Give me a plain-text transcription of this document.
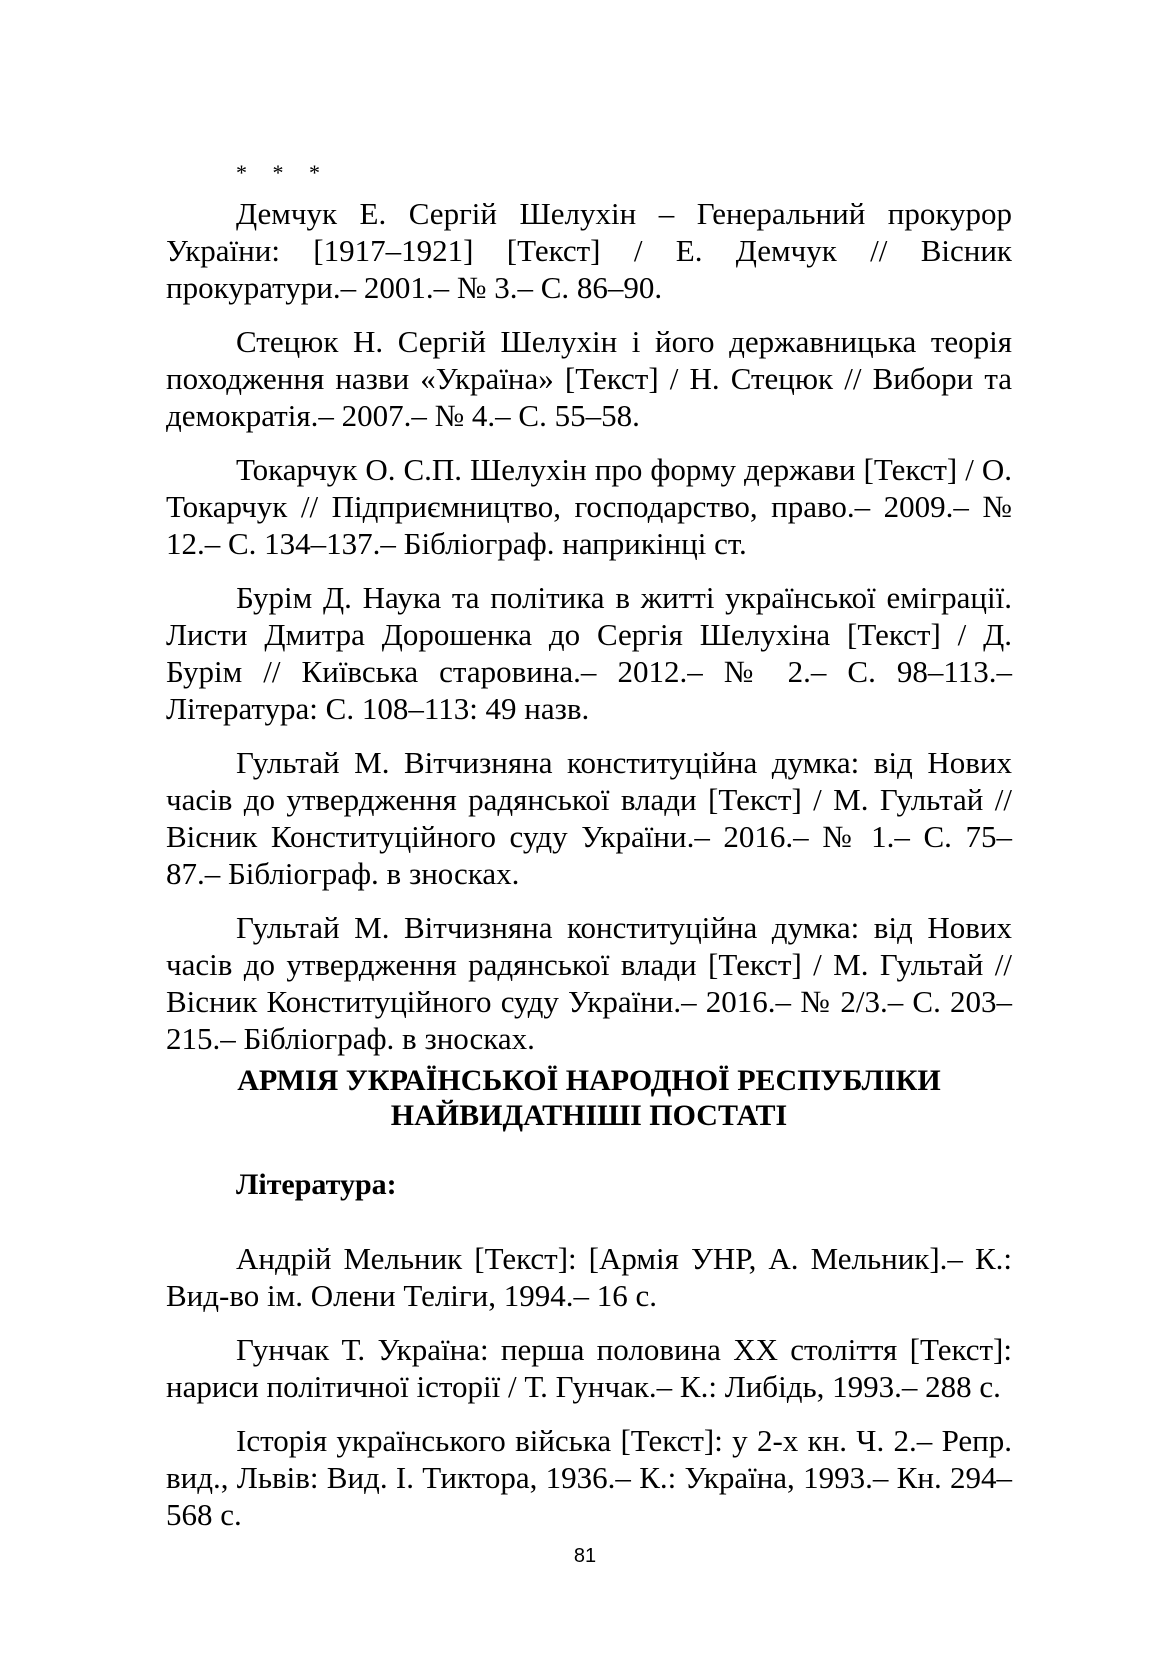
* * *

Демчук Е. Сергій Шелухін – Генеральний прокурор України: [1917–1921] [Текст] / Е. Демчук // Вісник прокуратури.– 2001.– № 3.– С. 86–90.

Стецюк Н. Сергій Шелухін і його державницька теорія походження назви «Україна» [Текст] / Н. Стецюк // Вибори та демократія.– 2007.– № 4.– С. 55–58.

Токарчук О. С.П. Шелухін про форму держави [Текст] / О. Токарчук // Підприємництво, господарство, право.– 2009.– № 12.– С. 134–137.– Бібліограф. наприкінці ст.

Бурім Д. Наука та політика в житті української еміграції. Листи Дмитра Дорошенка до Сергія Шелухіна [Текст] / Д. Бурім // Київська старовина.– 2012.– № 2.– С. 98–113.– Література: С. 108–113: 49 назв.

Гультай М. Вітчизняна конституційна думка: від Нових часів до утвердження радянської влади [Текст] / М. Гультай // Вісник Конституційного суду України.– 2016.– № 1.– С. 75–87.– Бібліограф. в зносках.

Гультай М. Вітчизняна конституційна думка: від Нових часів до утвердження радянської влади [Текст] / М. Гультай // Вісник Конституційного суду України.– 2016.– № 2/3.– С. 203–215.– Бібліограф. в зносках.

АРМІЯ УКРАЇНСЬКОЇ НАРОДНОЇ РЕСПУБЛІКИ
НАЙВИДАТНІШІ ПОСТАТІ
Література:

Андрій Мельник [Текст]: [Армія УНР, А. Мельник].– К.: Вид-во ім. Олени Теліги, 1994.– 16 с.

Гунчак Т. Україна: перша половина XX століття [Текст]: нариси політичної історії / Т. Гунчак.– К.: Либідь, 1993.– 288 с.

Історія українського війська [Текст]: у 2-х кн. Ч. 2.– Репр. вид., Львів: Вид. І. Тиктора, 1936.– К.: Україна, 1993.– Кн. 294–568 с.

81
